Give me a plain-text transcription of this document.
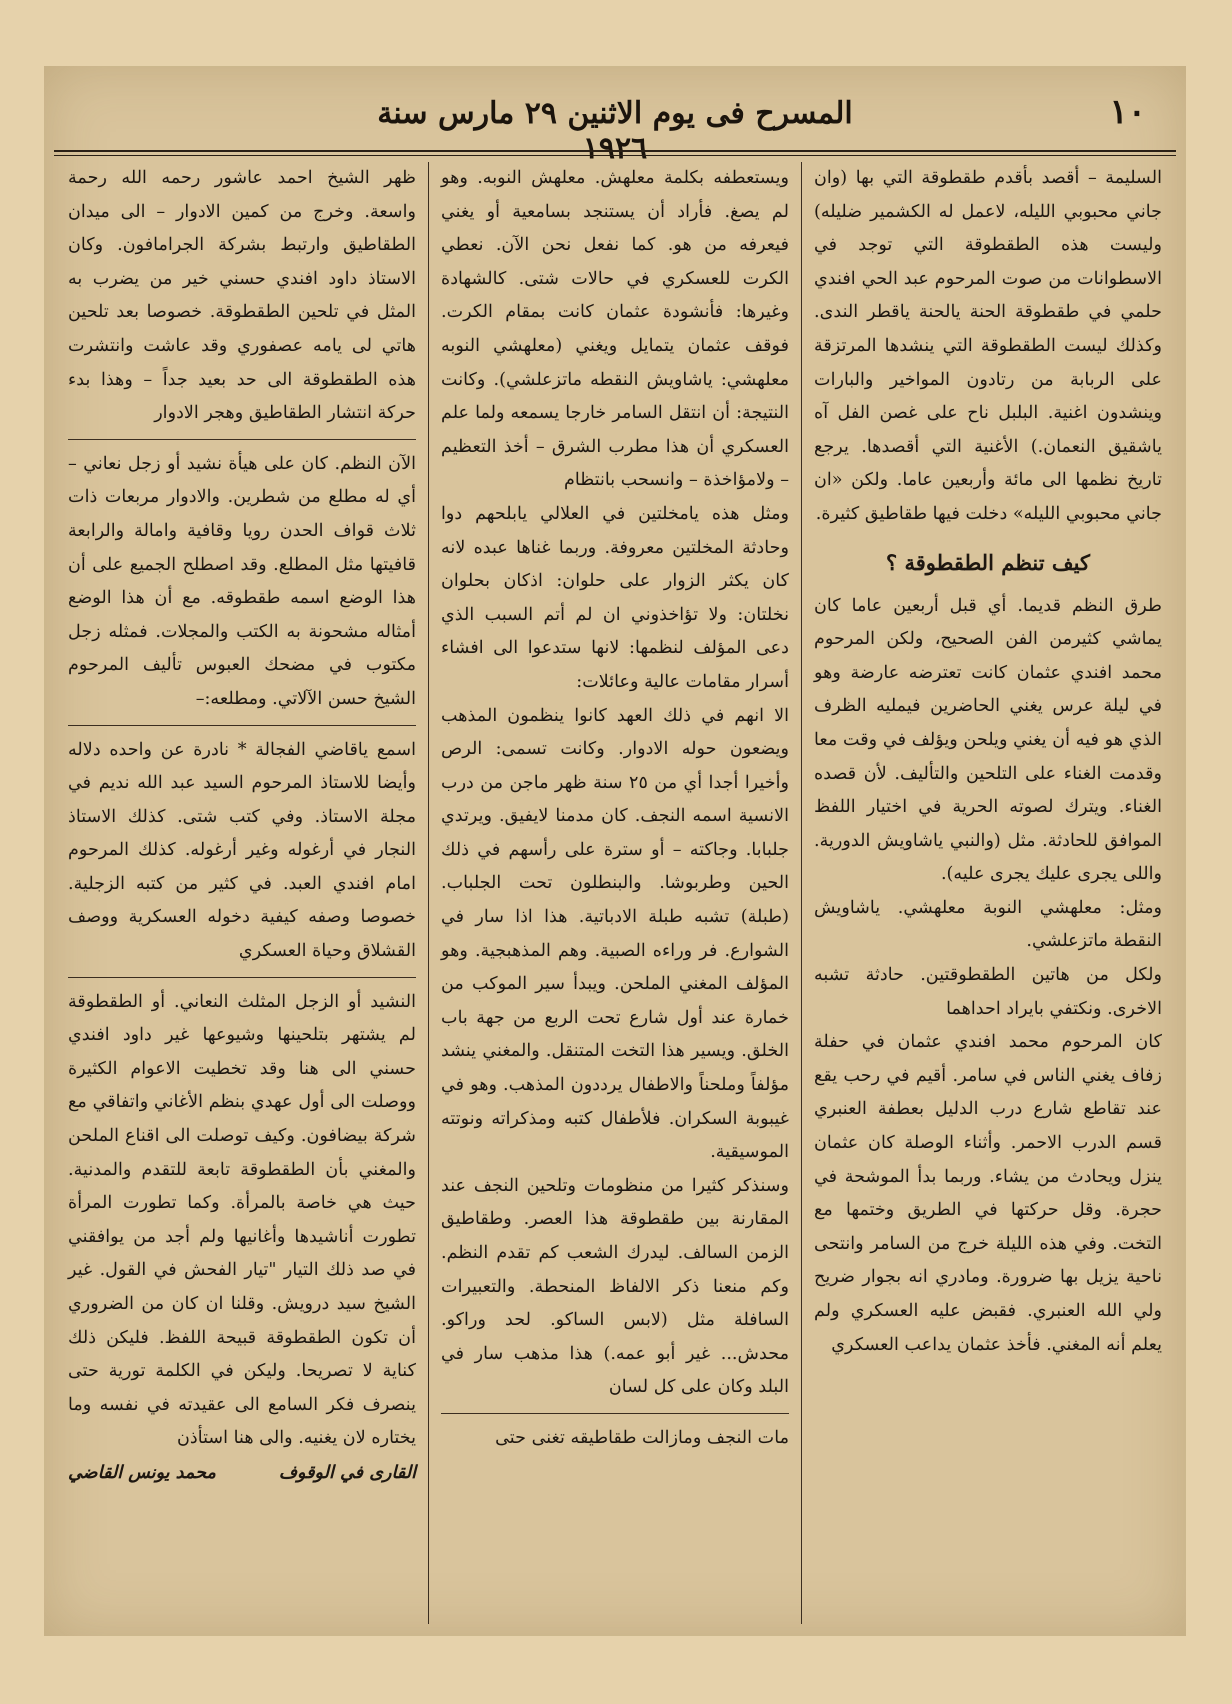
١٠
المسرح فى يوم الاثنين ٢٩ مارس سنة ١٩٢٦

السليمة – أقصد بأقدم طقطوقة التي بها (وان جاني محبوبي الليله، لاعمل له الكشمير ضليله) وليست هذه الطقطوقة التي توجد في الاسطوانات من صوت المرحوم عبد الحي افندي حلمي في طقطوقة الحنة يالحنة ياقطر الندى. وكذلك ليست الطقطوقة التي ينشدها المرتزقة على الربابة من رتادون المواخير والبارات وينشدون اغنية. البلبل ناح على غصن الفل آه ياشقيق النعمان.) الأغنية التي أقصدها. يرجع تاريخ نظمها الى مائة وأربعين عاما. ولكن «ان جاني محبوبي الليله» دخلت فيها طقاطيق كثيرة.

كيف تنظم الطقطوقة ؟

طرق النظم قديما. أي قبل أربعين عاما كان يماشي كثيرمن الفن الصحيح، ولكن المرحوم محمد افندي عثمان كانت تعترضه عارضة وهو في ليلة عرس يغني الحاضرين فيمليه الظرف الذي هو فيه أن يغني ويلحن ويؤلف في وقت معا وقدمت الغناء على التلحين والتأليف. لأن قصده الغناء. ويترك لصوته الحرية في اختيار اللفظ الموافق للحادثة. مثل (والنبي ياشاويش الدورية. واللى يجرى عليك يجرى عليه).

ومثل: معلهشي النوبة معلهشي. ياشاويش النقطة ماتزعلشي.

ولكل من هاتين الطقطوقتين. حادثة تشبه الاخرى. ونكتفي بايراد احداهما

كان المرحوم محمد افندي عثمان في حفلة زفاف يغني الناس في سامر. أقيم في رحب يقع عند تقاطع شارع درب الدليل بعطفة العنبري قسم الدرب الاحمر. وأثناء الوصلة كان عثمان ينزل ويحادث من يشاء. وربما بدأ الموشحة في حجرة. وقل حركتها في الطريق وختمها مع التخت. وفي هذه الليلة خرج من السامر وانتحى ناحية يزيل بها ضرورة. ومادري انه بجوار ضريح ولي الله العنبري. فقبض عليه العسكري ولم يعلم أنه المغني. فأخذ عثمان يداعب العسكري

ويستعطفه بكلمة معلهش. معلهش النوبه. وهو لم يصغ. فأراد أن يستنجد بسامعية أو يغني فيعرفه من هو. كما نفعل نحن الآن. نعطي الكرت للعسكري في حالات شتى. كالشهادة وغيرها: فأنشودة عثمان كانت بمقام الكرت. فوقف عثمان يتمايل ويغني (معلهشي النوبه معلهشي: ياشاويش النقطه ماتزعلشي). وكانت النتيجة: أن انتقل السامر خارجا يسمعه ولما علم العسكري أن هذا مطرب الشرق – أخذ التعظيم – ولامؤاخذة – وانسحب بانتظام

ومثل هذه يامخلتين في العلالي يابلحهم دوا وحادثة المخلتين معروفة. وربما غناها عبده لانه كان يكثر الزوار على حلوان: اذكان بحلوان نخلتان: ولا تؤاخذوني ان لم أتم السبب الذي دعى المؤلف لنظمها: لانها ستدعوا الى افشاء أسرار مقامات عالية وعائلات:

الا انهم في ذلك العهد كانوا ينظمون المذهب ويضعون حوله الادوار. وكانت تسمى: الرص وأخيرا أجدا أي من ٢٥ سنة ظهر ماجن من درب الانسية اسمه النجف. كان مدمنا لايفيق. ويرتدي جلبابا. وجاكته – أو سترة على رأسهم في ذلك الحين وطربوشا. والبنطلون تحت الجلباب. (طبلة) تشبه طبلة الادباتية. هذا اذا سار في الشوارع. فر وراءه الصبية. وهم المذهبجية. وهو المؤلف المغني الملحن. ويبدأ سير الموكب من خمارة عند أول شارع تحت الربع من جهة باب الخلق. ويسير هذا التخت المتنقل. والمغني ينشد مؤلفاً وملحناً والاطفال يرددون المذهب. وهو في غيبوبة السكران. فلأطفال كتبه ومذكراته ونوتته الموسيقية.

وسنذكر كثيرا من منظومات وتلحين النجف عند المقارنة بين طقطوقة هذا العصر. وطقاطيق الزمن السالف. ليدرك الشعب كم تقدم النظم. وكم منعنا ذكر الالفاظ المنحطة. والتعبيرات السافلة مثل (لابس الساكو. لحد وراكو. محدش... غير أبو عمه.) هذا مذهب سار في البلد وكان على كل لسان

مات النجف ومازالت طقاطيقه تغنى حتى

ظهر الشيخ احمد عاشور رحمه الله رحمة واسعة. وخرج من كمين الادوار – الى ميدان الطقاطيق وارتبط بشركة الجرامافون. وكان الاستاذ داود افندي حسني خير من يضرب به المثل في تلحين الطقطوقة. خصوصا بعد تلحين هاتي لى يامه عصفوري وقد عاشت وانتشرت هذه الطقطوقة الى حد بعيد جداً – وهذا بدء حركة انتشار الطقاطيق وهجر الادوار

الآن النظم. كان على هيأة نشيد أو زجل نعاني – أي له مطلع من شطرين. والادوار مربعات ذات ثلاث قواف الحدن رويا وقافية وامالة والرابعة قافيتها مثل المطلع. وقد اصطلح الجميع على أن هذا الوضع اسمه طقطوقه. مع أن هذا الوضع أمثاله مشحونة به الكتب والمجلات. فمثله زجل مكتوب في مضحك العبوس تأليف المرحوم الشيخ حسن الآلاتي. ومطلعه:–

اسمع ياقاضي الفجالة * نادرة عن واحده دلاله وأيضا للاستاذ المرحوم السيد عبد الله نديم في مجلة الاستاذ. وفي كتب شتى. كذلك الاستاذ النجار في أرغوله وغير أرغوله. كذلك المرحوم امام افندي العبد. في كثير من كتبه الزجلية. خصوصا وصفه كيفية دخوله العسكرية ووصف القشلاق وحياة العسكري

النشيد أو الزجل المثلث النعاني. أو الطقطوقة لم يشتهر بتلحينها وشيوعها غير داود افندي حسني الى هنا وقد تخطيت الاعوام الكثيرة ووصلت الى أول عهدي بنظم الأغاني واتفاقي مع شركة بيضافون. وكيف توصلت الى اقناع الملحن والمغني بأن الطقطوقة تابعة للتقدم والمدنية. حيث هي خاصة بالمرأة. وكما تطورت المرأة تطورت أناشيدها وأغانيها ولم أجد من يوافقني في صد ذلك التيار "تيار الفحش في القول. غير الشيخ سيد درويش. وقلنا ان كان من الضروري أن تكون الطقطوقة قبيحة اللفظ. فليكن ذلك كناية لا تصريحا. وليكن في الكلمة تورية حتى ينصرف فكر السامع الى عقيدته في نفسه وما يختاره لان يغنيه. والى هنا استأذن

القارى في الوقوف
محمد يونس القاضي
